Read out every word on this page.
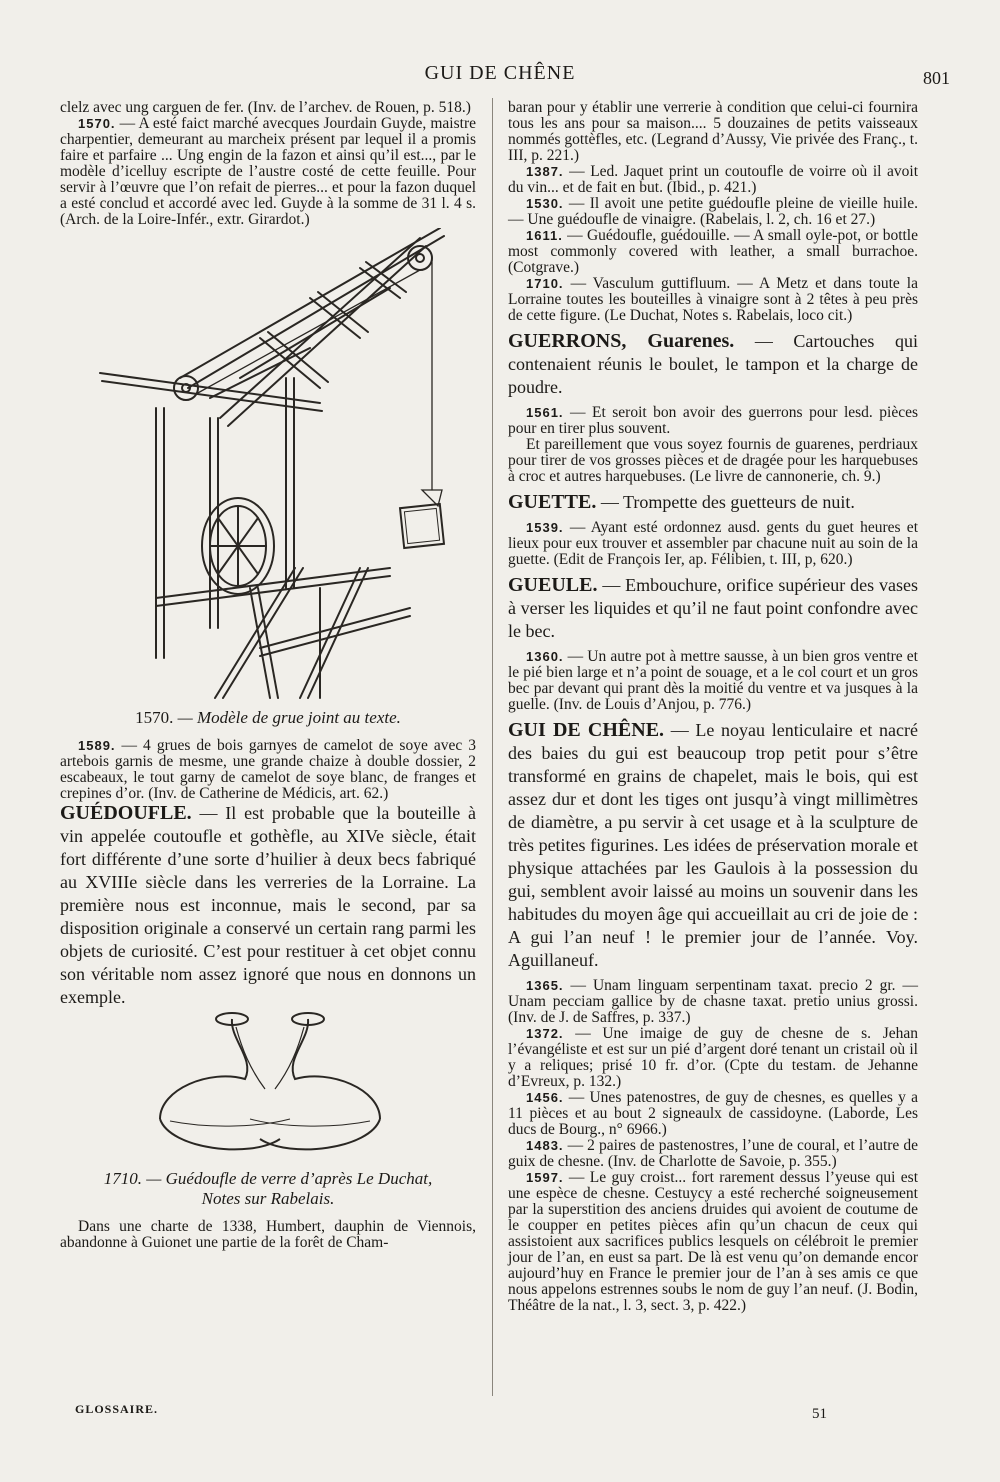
GUI DE CHÊNE	801

clelz avec ung carguen de fer. (Inv. de l’archev. de Rouen, p. 518.)

1570. — A esté faict marché avecques Jourdain Guyde, maistre charpentier, demeurant au marcheix présent par lequel il a promis faire et parfaire ... Ung engin de la fazon et ainsi qu’il est..., par le modèle d’icelluy escripte de l’austre costé de cette feuille. Pour servir à l’œuvre que l’on refait de pierres... et pour la fazon duquel a esté conclud et accordé avec led. Guyde à la somme de 31 l. 4 s. (Arch. de la Loire-Infér., extr. Girardot.)

1570. — Modèle de grue joint au texte.

1589. — 4 grues de bois garnyes de camelot de soye avec 3 artebois garnis de mesme, une grande chaize à double dossier, 2 escabeaux, le tout garny de camelot de soye blanc, de franges et crepines d’or. (Inv. de Catherine de Médicis, art. 62.)

GUÉDOUFLE. — Il est probable que la bouteille à vin appelée coutoufle et gothèfle, au XIVe siècle, était fort différente d’une sorte d’huilier à deux becs fabriqué au XVIIIe siècle dans les verreries de la Lorraine. La première nous est inconnue, mais le second, par sa disposition originale a conservé un certain rang parmi les objets de curiosité. C’est pour restituer à cet objet connu son véritable nom assez ignoré que nous en donnons un exemple.

1710. — Guédoufle de verre d’après Le Duchat,

Notes sur Rabelais.

Dans une charte de 1338, Humbert, dauphin de Viennois, abandonne à Guionet une partie de la forêt de Cham-

baran pour y établir une verrerie à condition que celui-ci fournira tous les ans pour sa maison.... 5 douzaines de petits vaisseaux nommés gottèfles, etc. (Legrand d’Aussy, Vie privée des Franç., t. III, p. 221.)

1387. — Led. Jaquet print un coutoufle de voirre où il avoit du vin... et de fait en but. (Ibid., p. 421.)

1530. — Il avoit une petite guédoufle pleine de vieille huile. — Une guédoufle de vinaigre. (Rabelais, l. 2, ch. 16 et 27.)

1611. — Guédoufle, guédouille. — A small oyle-pot, or bottle most commonly covered with leather, a small burrachoe. (Cotgrave.)

1710. — Vasculum guttifluum. — A Metz et dans toute la Lorraine toutes les bouteilles à vinaigre sont à 2 têtes à peu près de cette figure. (Le Duchat, Notes s. Rabelais, loco cit.)

GUERRONS, Guarenes. — Cartouches qui contenaient réunis le boulet, le tampon et la charge de poudre.

1561. — Et seroit bon avoir des guerrons pour lesd. pièces pour en tirer plus souvent.

Et pareillement que vous soyez fournis de guarenes, perdriaux pour tirer de vos grosses pièces et de dragée pour les harquebuses à croc et autres harquebuses. (Le livre de cannonerie, ch. 9.)

GUETTE. — Trompette des guetteurs de nuit.

1539. — Ayant esté ordonnez ausd. gents du guet heures et lieux pour eux trouver et assembler par chacune nuit au soin de la guette. (Edit de François Ier, ap. Félibien, t. III, p, 620.)

GUEULE. — Embouchure, orifice supérieur des vases à verser les liquides et qu’il ne faut point confondre avec le bec.

1360. — Un autre pot à mettre sausse, à un bien gros ventre et le pié bien large et n’a point de souage, et a le col court et un gros bec par devant qui prant dès la moitié du ventre et va jusques à la guelle. (Inv. de Louis d’Anjou, p. 776.)

GUI DE CHÊNE. — Le noyau lenticulaire et nacré des baies du gui est beaucoup trop petit pour s’être transformé en grains de chapelet, mais le bois, qui est assez dur et dont les tiges ont jusqu’à vingt millimètres de diamètre, a pu servir à cet usage et à la sculpture de très petites figurines. Les idées de préservation morale et physique attachées par les Gaulois à la possession du gui, semblent avoir laissé au moins un souvenir dans les habitudes du moyen âge qui accueillait au cri de joie de : A gui l’an neuf ! le premier jour de l’année. Voy. Aguillaneuf.

1365. — Unam linguam serpentinam taxat. precio 2 gr. — Unam pecciam gallice by de chasne taxat. pretio unius grossi. (Inv. de J. de Saffres, p. 337.)

1372. — Une imaige de guy de chesne de s. Jehan l’évangéliste et est sur un pié d’argent doré tenant un cristail où il y a reliques; prisé 10 fr. d’or. (Cpte du testam. de Jehanne d’Evreux, p. 132.)

1456. — Unes patenostres, de guy de chesnes, es quelles y a 11 pièces et au bout 2 signeaulx de cassidoyne. (Laborde, Les ducs de Bourg., n° 6966.)

1483. — 2 paires de pastenostres, l’une de coural, et l’autre de guix de chesne. (Inv. de Charlotte de Savoie, p. 355.)

1597. — Le guy croist... fort rarement dessus l’yeuse qui est une espèce de chesne. Cestuycy a esté recherché soigneusement par la superstition des anciens druides qui avoient de coutume de le coupper en petites pièces afin qu’un chacun de ceux qui assistoient aux sacrifices publics lesquels on célébroit le premier jour de l’an, en eust sa part. De là est venu qu’on demande encor aujourd’huy en France le premier jour de l’an à ses amis ce que nous appelons estrennes soubs le nom de guy l’an neuf. (J. Bodin, Théâtre de la nat., l. 3, sect. 3, p. 422.)

GLOSSAIRE.	51
